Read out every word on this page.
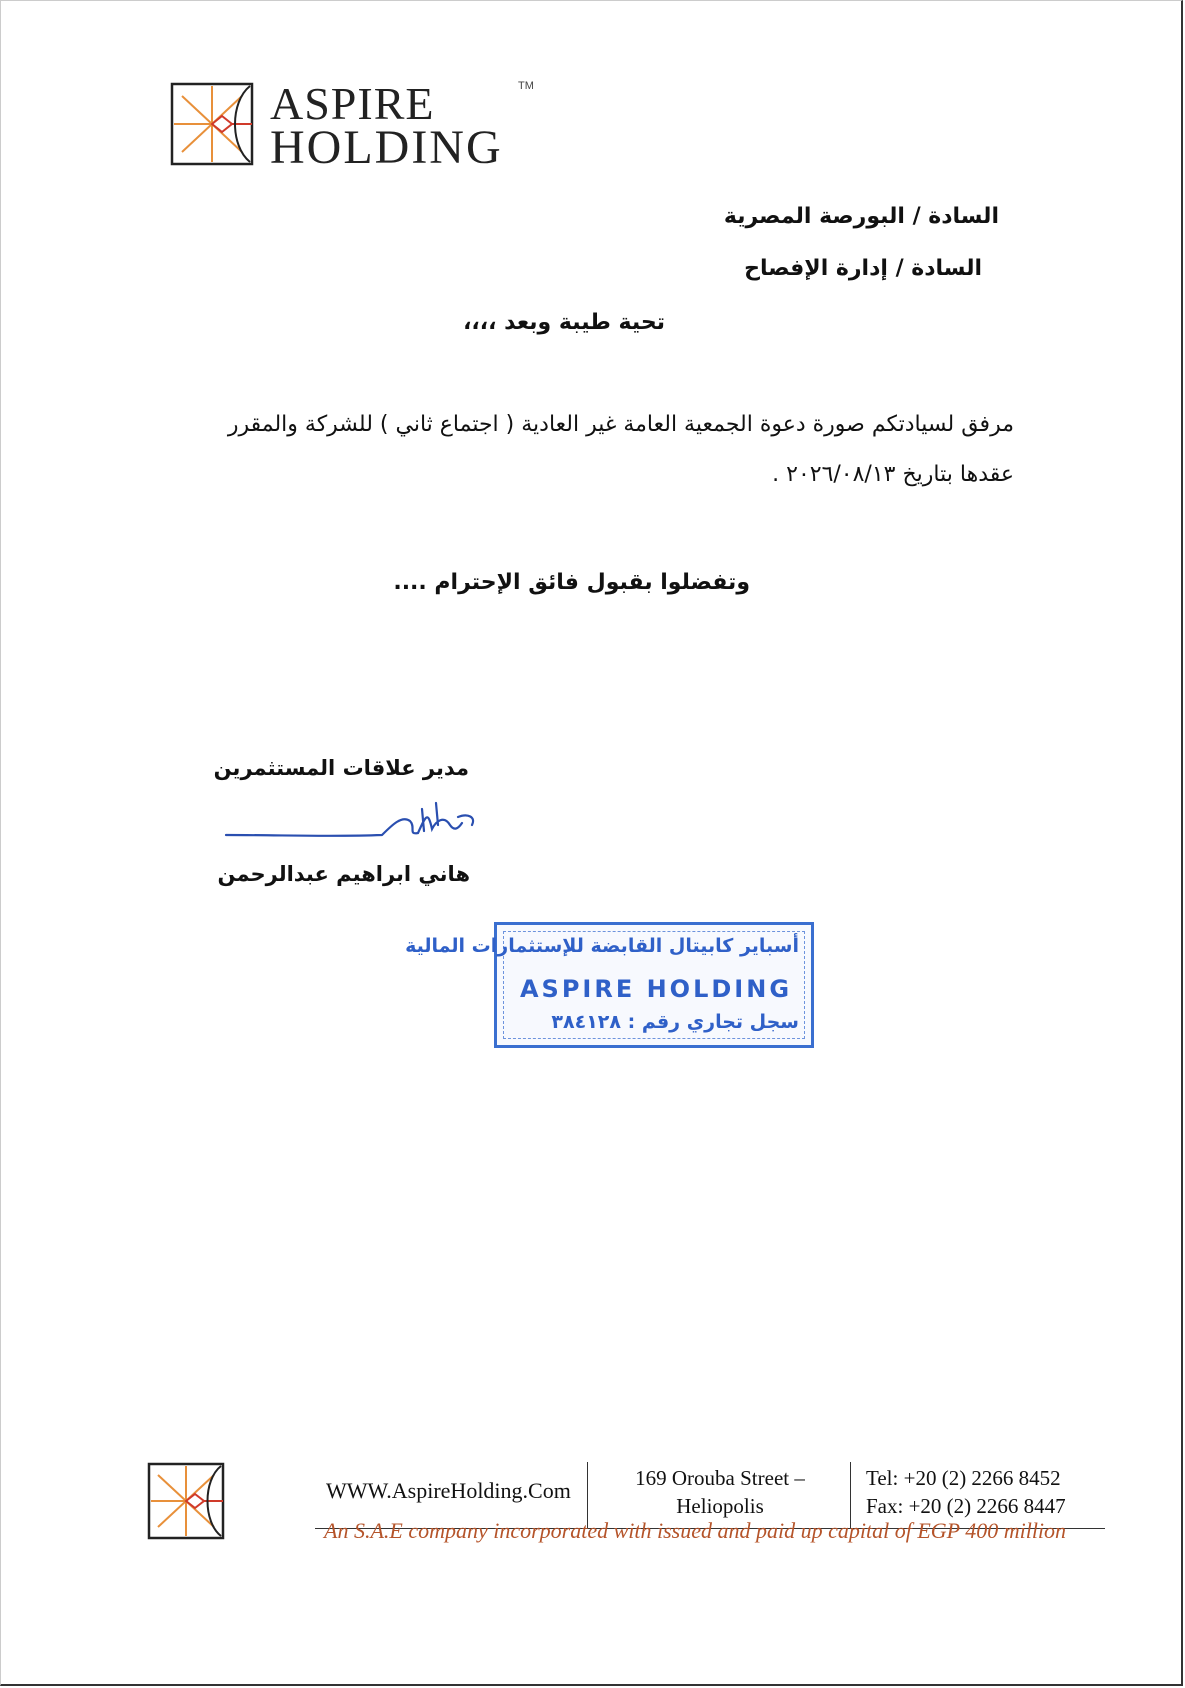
ASPIRE
HOLDING
TM
السادة / البورصة المصرية
السادة / إدارة الإفصاح
تحية طيبة وبعد ،،،،
مرفق لسيادتكم صورة دعوة الجمعية العامة غير العادية ( اجتماع ثاني ) للشركة والمقرر عقدها بتاريخ ٢٠٢٦/٠٨/١٣ .
وتفضلوا بقبول فائق الإحترام ....
مدير علاقات المستثمرين
هاني ابراهيم عبدالرحمن
أسباير كابيتال القابضة للإستثمارات المالية
ASPIRE HOLDING
سجل تجاري رقم : ٣٨٤١٢٨
WWW.AspireHolding.Com	169 Orouba Street –
Heliopolis
Tel: +20 (2) 2266 8452
Fax: +20 (2) 2266 8447
An S.A.E company incorporated with issued and paid up capital of EGP 400 million
